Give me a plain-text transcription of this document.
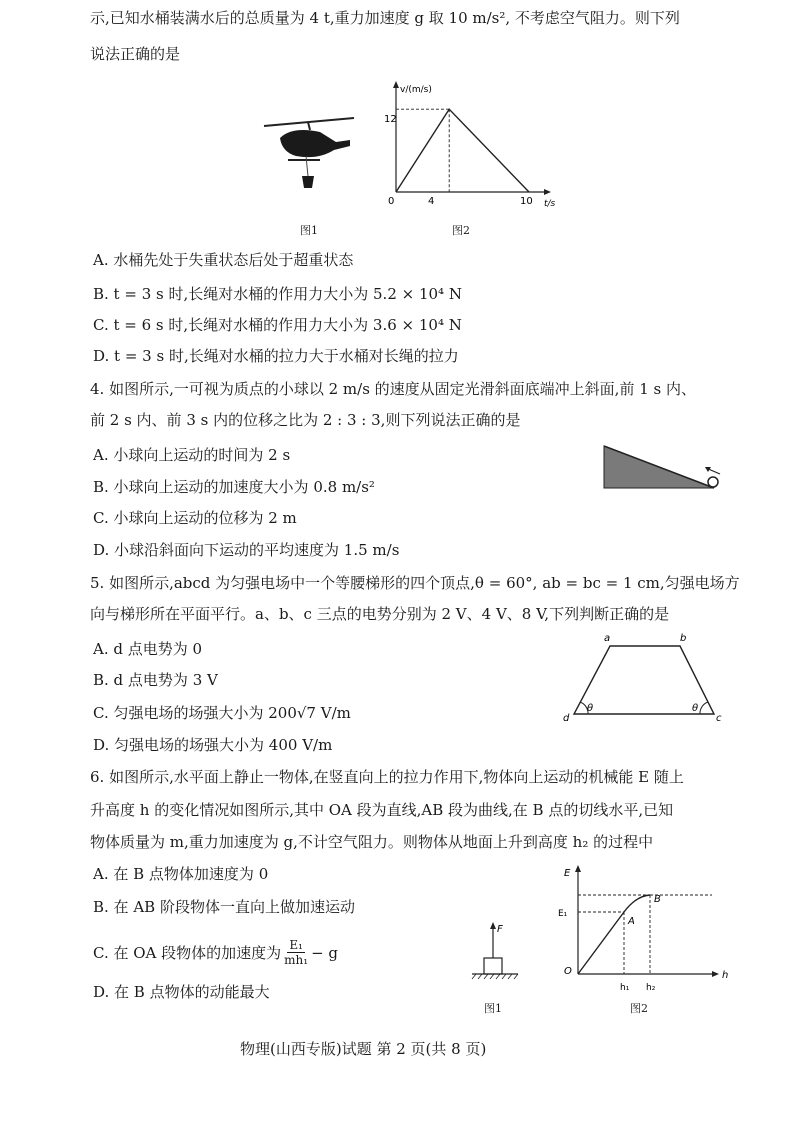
示,已知水桶装满水后的总质量为 4 t,重力加速度 g 取 10 m/s², 不考虑空气阻力。则下列
说法正确的是
图1
v/(m/s)
t/s
12
0	4	10
图2
A. 水桶先处于失重状态后处于超重状态
B. t = 3 s 时,长绳对水桶的作用力大小为 5.2 × 10⁴ N
C. t = 6 s 时,长绳对水桶的作用力大小为 3.6 × 10⁴ N
D. t = 3 s 时,长绳对水桶的拉力大于水桶对长绳的拉力
4. 如图所示,一可视为质点的小球以 2 m/s 的速度从固定光滑斜面底端冲上斜面,前 1 s 内、
前 2 s 内、前 3 s 内的位移之比为 2 : 3 : 3,则下列说法正确的是
A. 小球向上运动的时间为 2 s
B. 小球向上运动的加速度大小为 0.8 m/s²
C. 小球向上运动的位移为 2 m
D. 小球沿斜面向下运动的平均速度为 1.5 m/s
5. 如图所示,abcd 为匀强电场中一个等腰梯形的四个顶点,θ = 60°, ab = bc = 1 cm,匀强电场方
向与梯形所在平面平行。a、b、c 三点的电势分别为 2 V、4 V、8 V,下列判断正确的是
A. d 点电势为 0
B. d 点电势为 3 V
C. 匀强电场的场强大小为 200√7 V/m
D. 匀强电场的场强大小为 400 V/m
a	b
c
d
θ	θ
6. 如图所示,水平面上静止一物体,在竖直向上的拉力作用下,物体向上运动的机械能 E 随上
升高度 h 的变化情况如图所示,其中 OA 段为直线,AB 段为曲线,在 B 点的切线水平,已知
物体质量为 m,重力加速度为 g,不计空气阻力。则物体从地面上升到高度 h₂ 的过程中
A. 在 B 点物体加速度为 0
B. 在 AB 阶段物体一直向上做加速运动
C. 在 OA 段物体的加速度为 $\frac{\text{E₁}}{\text{mh₁}} - g$
D. 在 B 点物体的动能最大
F
图1
E
h
O
E₁
h₁ h₂
A
B
图2
物理(山西专版)试题 第 2 页(共 8 页)
